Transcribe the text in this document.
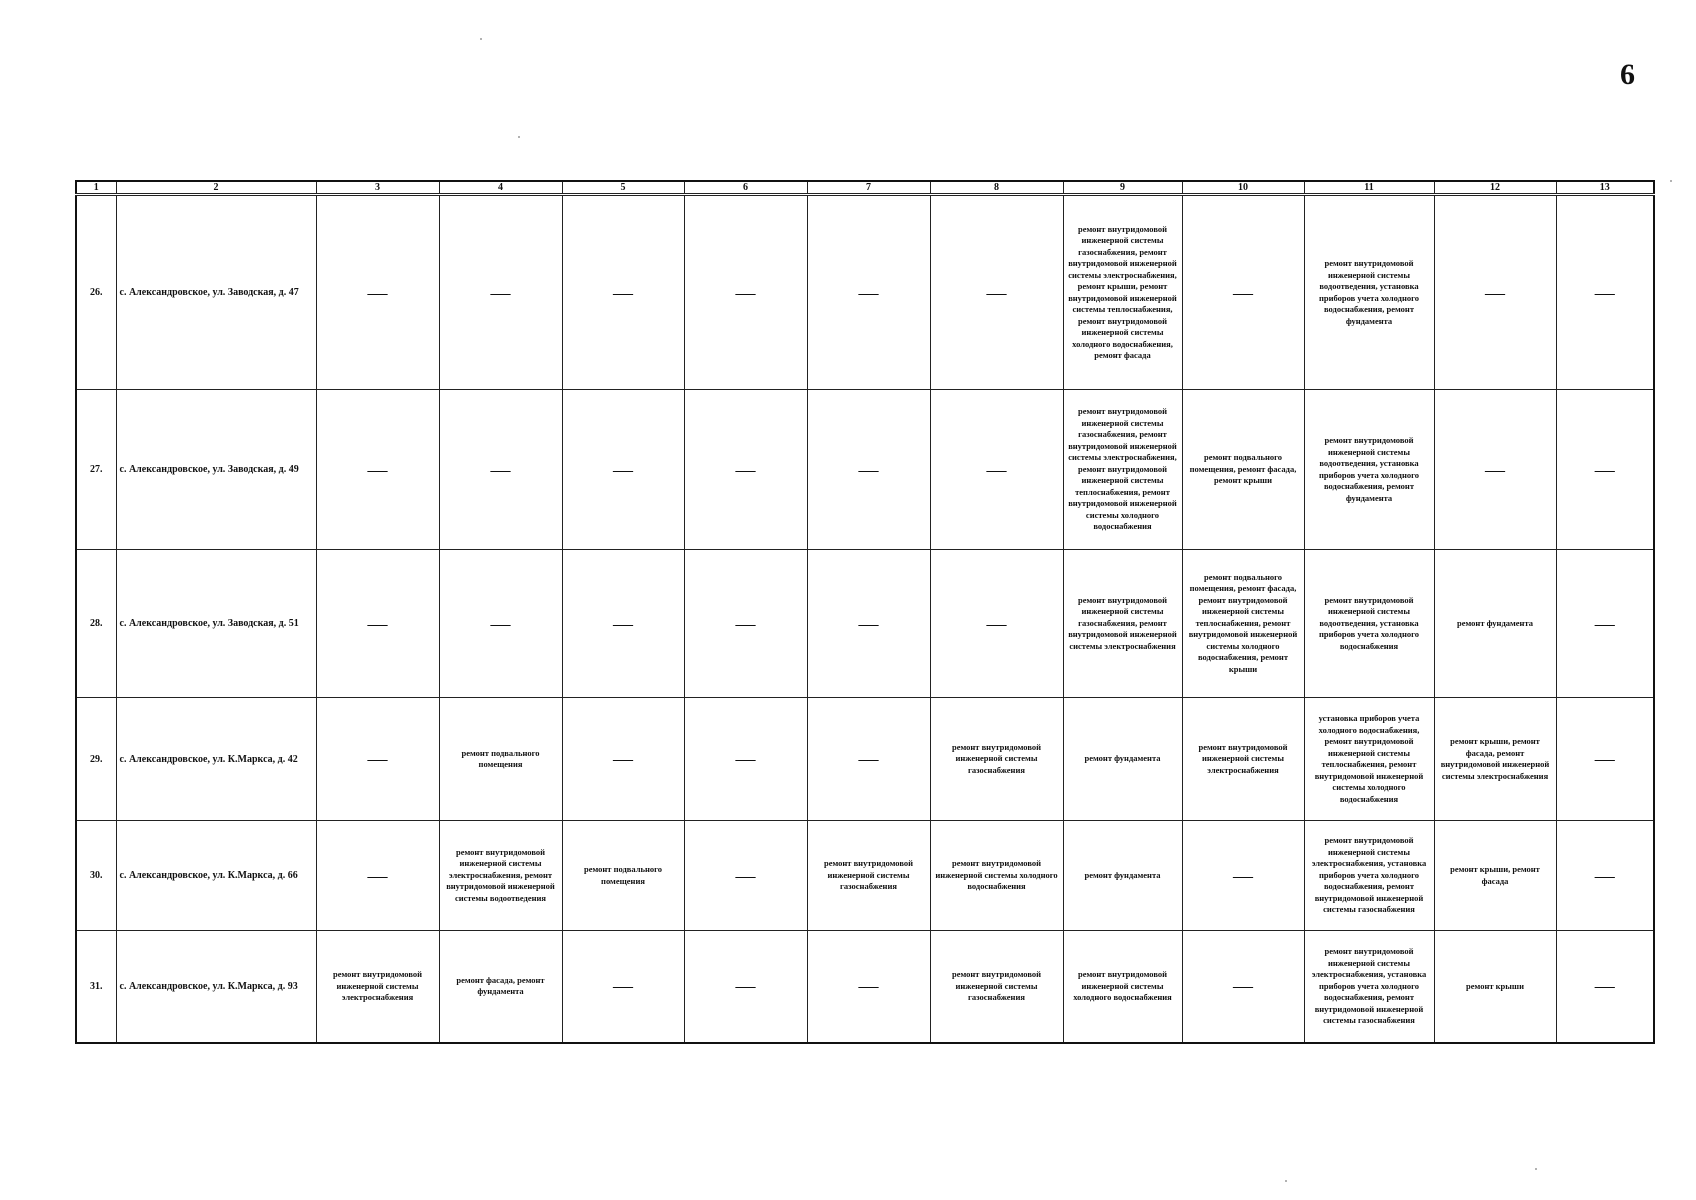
6
1	2	3	4	5	6	7	8	9	10	11	12	13
26.	с. Александровское, ул. Заводская, д. 47	—	—	—	—	—	—	ремонт внутридомовой инженерной системы газоснабжения, ремонт внутридомовой инженерной системы электроснабжения, ремонт крыши, ремонт внутридомовой инженерной системы теплоснабжения, ремонт внутридомовой инженерной системы холодного водоснабжения, ремонт фасада	—	ремонт внутридомовой инженерной системы водоотведения, установка приборов учета холодного водоснабжения, ремонт фундамента	—	—

27.	с. Александровское, ул. Заводская, д. 49	—	—	—	—	—	—	ремонт внутридомовой инженерной системы газоснабжения, ремонт внутридомовой инженерной системы электроснабжения, ремонт внутридомовой инженерной системы теплоснабжения, ремонт внутридомовой инженерной системы холодного водоснабжения	ремонт подвального помещения, ремонт фасада, ремонт крыши	ремонт внутридомовой инженерной системы водоотведения, установка приборов учета холодного водоснабжения, ремонт фундамента	—	—

28.	с. Александровское, ул. Заводская, д. 51	—	—	—	—	—	—	ремонт внутридомовой инженерной системы газоснабжения, ремонт внутридомовой инженерной системы электроснабжения	ремонт подвального помещения, ремонт фасада, ремонт внутридомовой инженерной системы теплоснабжения, ремонт внутридомовой инженерной системы холодного водоснабжения, ремонт крыши	ремонт внутридомовой инженерной системы водоотведения, установка приборов учета холодного водоснабжения	ремонт фундамента	—

29.	с. Александровское, ул. К.Маркса, д. 42	—	ремонт подвального помещения	—	—	—	ремонт внутридомовой инженерной системы газоснабжения	ремонт фундамента	ремонт внутридомовой инженерной системы электроснабжения	установка приборов учета холодного водоснабжения, ремонт внутридомовой инженерной системы теплоснабжения, ремонт внутридомовой инженерной системы холодного водоснабжения	ремонт крыши, ремонт фасада, ремонт внутридомовой инженерной системы электроснабжения	—

30.	с. Александровское, ул. К.Маркса, д. 66	—	ремонт внутридомовой инженерной системы электроснабжения, ремонт внутридомовой инженерной системы водоотведения	ремонт подвального помещения	—	ремонт внутридомовой инженерной системы газоснабжения	ремонт внутридомовой инженерной системы холодного водоснабжения	ремонт фундамента	—	ремонт внутридомовой инженерной системы электроснабжения, установка приборов учета холодного водоснабжения, ремонт внутридомовой инженерной системы газоснабжения	ремонт крыши, ремонт фасада	—

31.	с. Александровское, ул. К.Маркса, д. 93	ремонт внутридомовой инженерной системы электроснабжения	ремонт фасада, ремонт фундамента	—	—	—	ремонт внутридомовой инженерной системы газоснабжения	ремонт внутридомовой инженерной системы холодного водоснабжения	—	ремонт внутридомовой инженерной системы электроснабжения, установка приборов учета холодного водоснабжения, ремонт внутридомовой инженерной системы газоснабжения	ремонт крыши	—
